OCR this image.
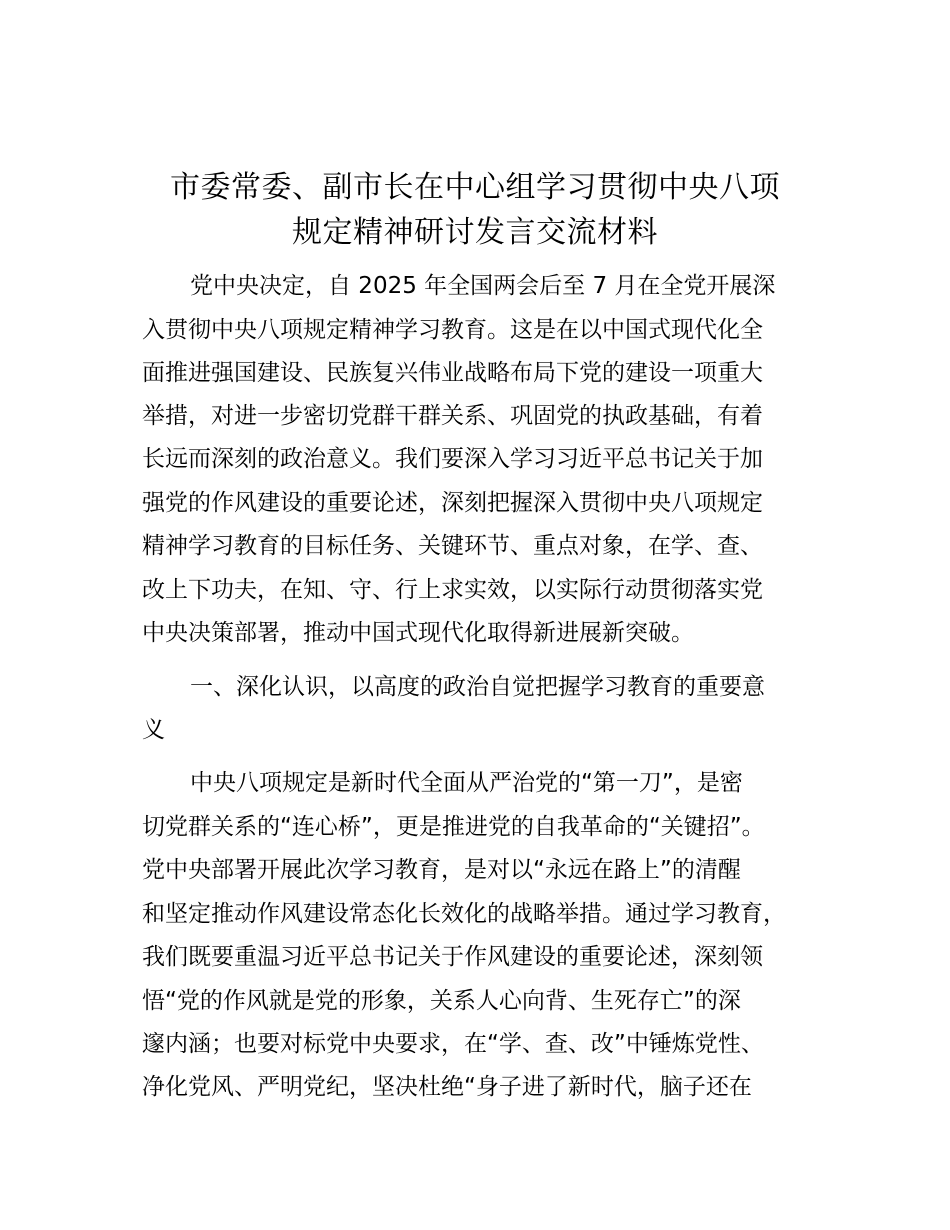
市委常委、副市长在中心组学习贯彻中央八项
规定精神研讨发言交流材料

党中央决定，自 2025 年全国两会后至 7 月在全党开展深

入贯彻中央八项规定精神学习教育。这是在以中国式现代化全

面推进强国建设、民族复兴伟业战略布局下党的建设一项重大

举措，对进一步密切党群干群关系、巩固党的执政基础，有着

长远而深刻的政治意义。我们要深入学习习近平总书记关于加

强党的作风建设的重要论述，深刻把握深入贯彻中央八项规定

精神学习教育的目标任务、关键环节、重点对象，在学、查、

改上下功夫，在知、守、行上求实效，以实际行动贯彻落实党

中央决策部署，推动中国式现代化取得新进展新突破。

一、深化认识，以高度的政治自觉把握学习教育的重要意

义

中央八项规定是新时代全面从严治党的“第一刀”，是密

切党群关系的“连心桥”，更是推进党的自我革命的“关键招”。

党中央部署开展此次学习教育，是对以“永远在路上”的清醒

和坚定推动作风建设常态化长效化的战略举措。通过学习教育，

我们既要重温习近平总书记关于作风建设的重要论述，深刻领

悟“党的作风就是党的形象，关系人心向背、生死存亡”的深

邃内涵；也要对标党中央要求，在“学、查、改”中锤炼党性、

净化党风、严明党纪，坚决杜绝“身子进了新时代，脑子还在
